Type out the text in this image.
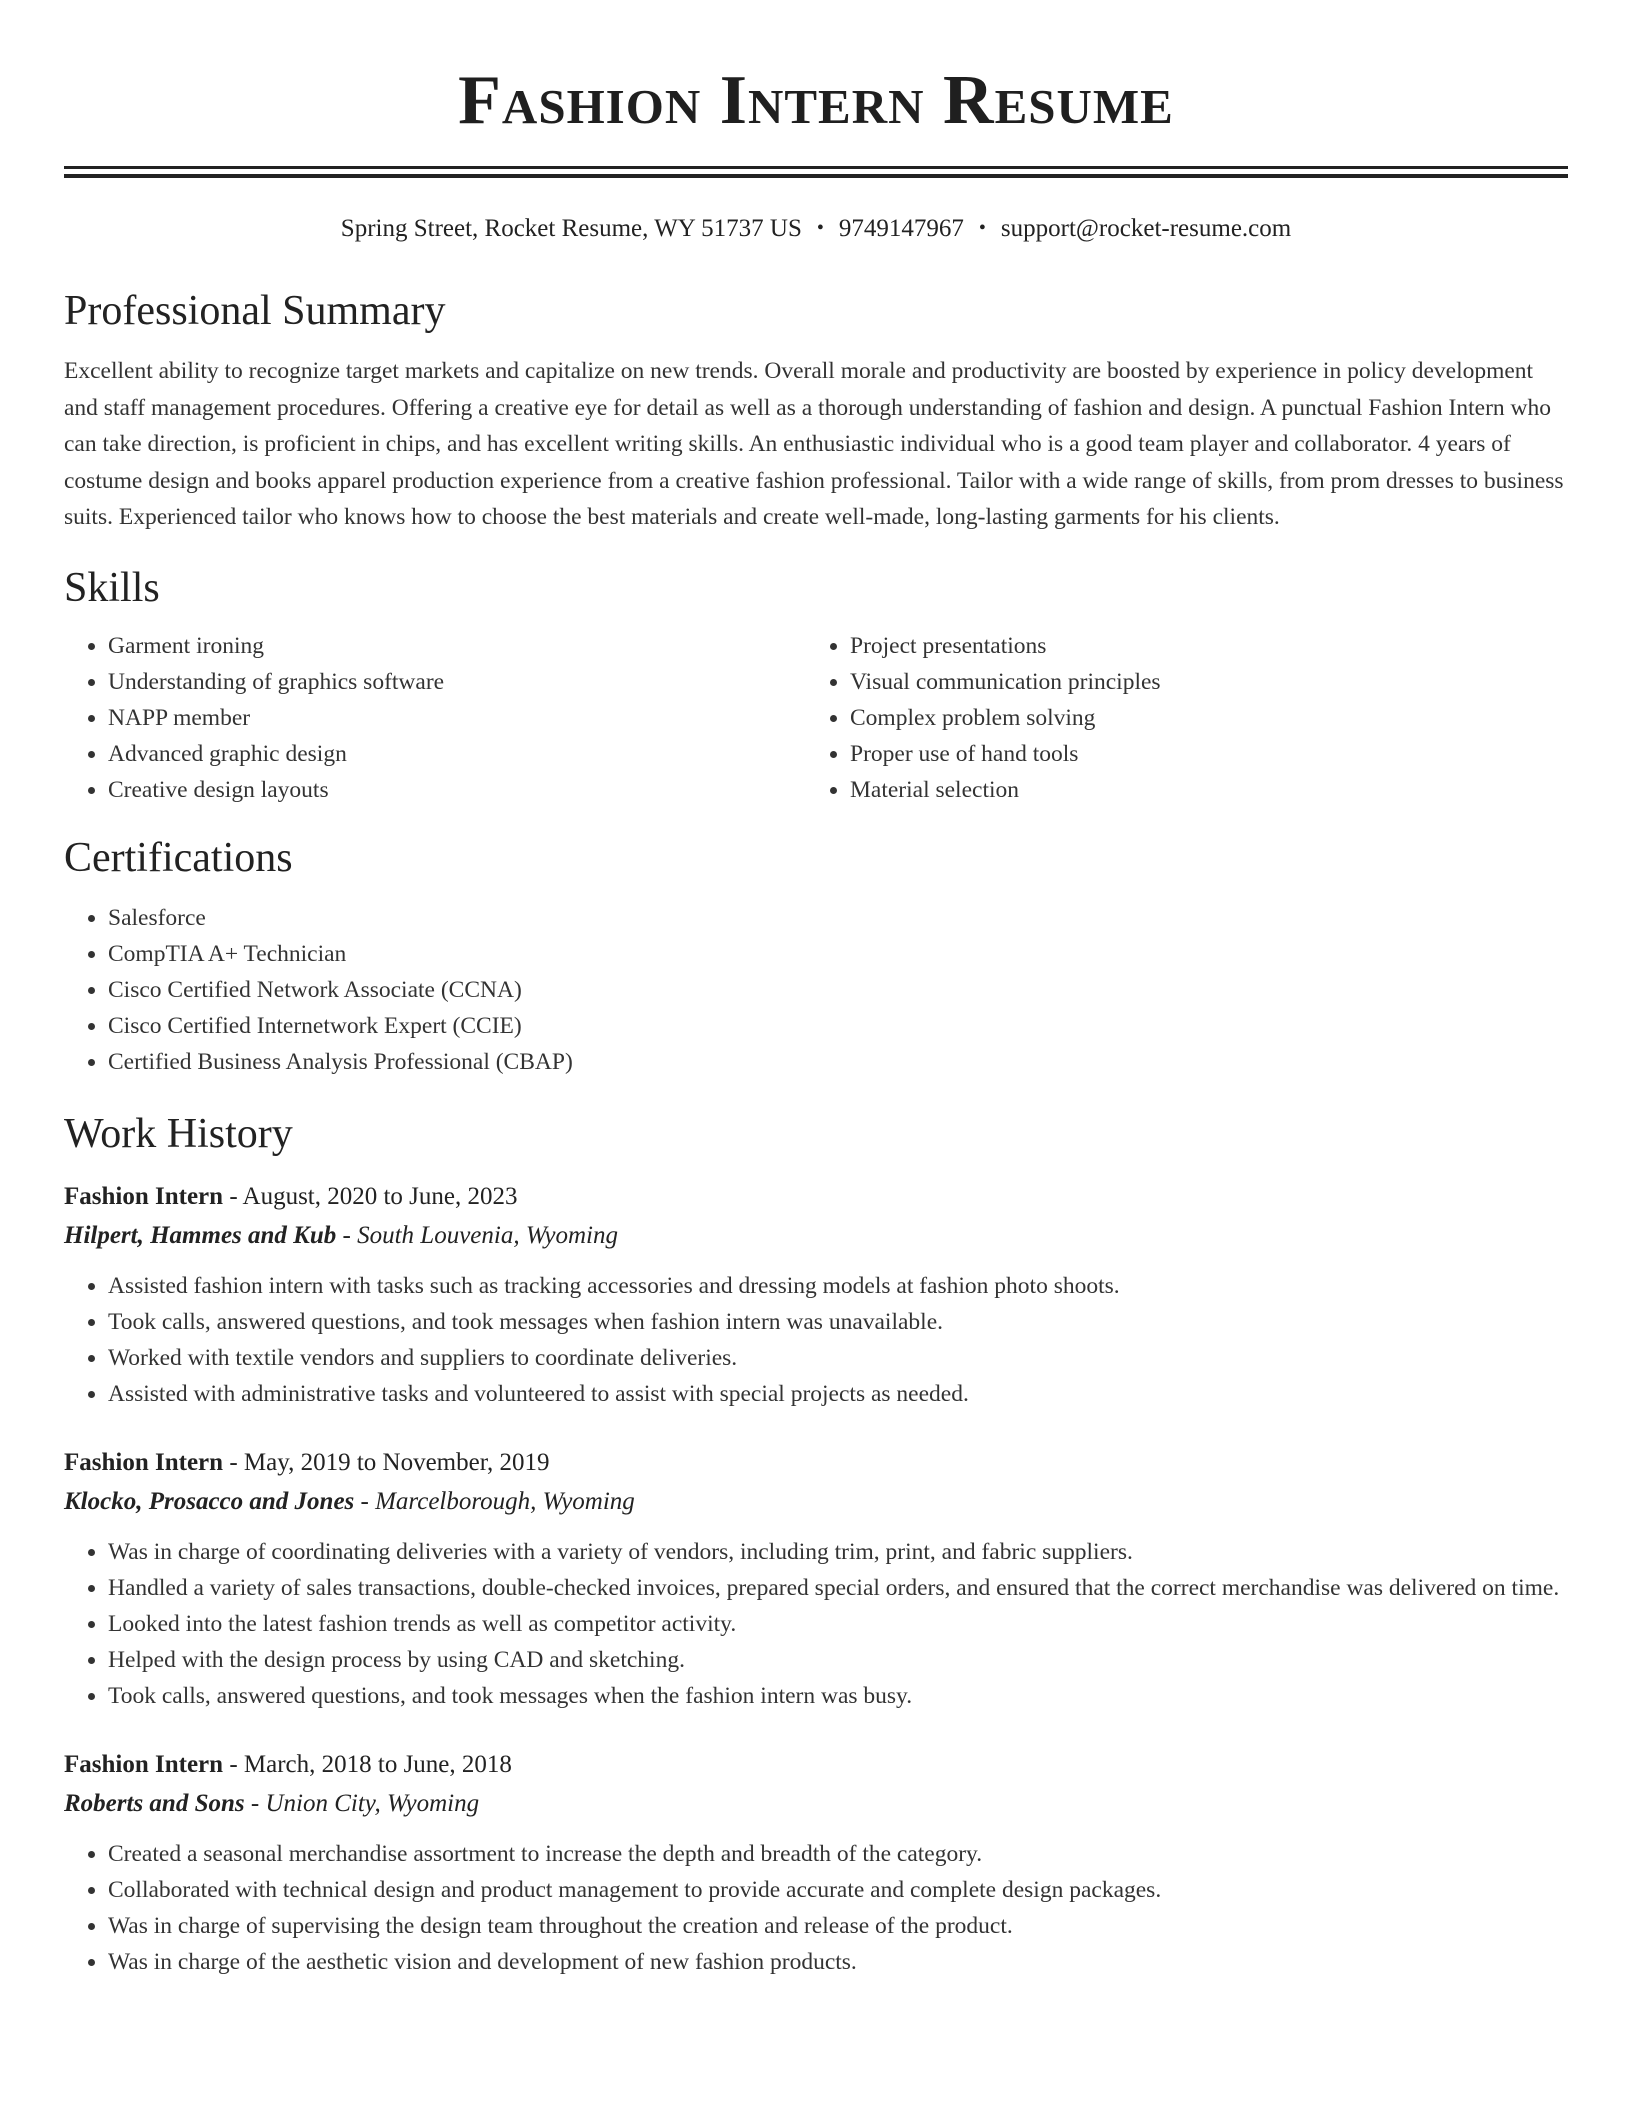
Fashion Intern Resume
Spring Street, Rocket Resume, WY 51737 US • 9749147967 • support@rocket-resume.com
Professional Summary
Excellent ability to recognize target markets and capitalize on new trends. Overall morale and productivity are boosted by experience in policy development and staff management procedures. Offering a creative eye for detail as well as a thorough understanding of fashion and design. A punctual Fashion Intern who can take direction, is proficient in chips, and has excellent writing skills. An enthusiastic individual who is a good team player and collaborator. 4 years of costume design and books apparel production experience from a creative fashion professional. Tailor with a wide range of skills, from prom dresses to business suits. Experienced tailor who knows how to choose the best materials and create well-made, long-lasting garments for his clients.
Skills
• Garment ironing
• Understanding of graphics software
• NAPP member
• Advanced graphic design
• Creative design layouts
• Project presentations
• Visual communication principles
• Complex problem solving
• Proper use of hand tools
• Material selection
Certifications
• Salesforce
• CompTIA A+ Technician
• Cisco Certified Network Associate (CCNA)
• Cisco Certified Internetwork Expert (CCIE)
• Certified Business Analysis Professional (CBAP)
Work History
Fashion Intern - August, 2020 to June, 2023
Hilpert, Hammes and Kub - South Louvenia, Wyoming
• Assisted fashion intern with tasks such as tracking accessories and dressing models at fashion photo shoots.
• Took calls, answered questions, and took messages when fashion intern was unavailable.
• Worked with textile vendors and suppliers to coordinate deliveries.
• Assisted with administrative tasks and volunteered to assist with special projects as needed.
Fashion Intern - May, 2019 to November, 2019
Klocko, Prosacco and Jones - Marcelborough, Wyoming
• Was in charge of coordinating deliveries with a variety of vendors, including trim, print, and fabric suppliers.
• Handled a variety of sales transactions, double-checked invoices, prepared special orders, and ensured that the correct merchandise was delivered on time.
• Looked into the latest fashion trends as well as competitor activity.
• Helped with the design process by using CAD and sketching.
• Took calls, answered questions, and took messages when the fashion intern was busy.
Fashion Intern - March, 2018 to June, 2018
Roberts and Sons - Union City, Wyoming
• Created a seasonal merchandise assortment to increase the depth and breadth of the category.
• Collaborated with technical design and product management to provide accurate and complete design packages.
• Was in charge of supervising the design team throughout the creation and release of the product.
• Was in charge of the aesthetic vision and development of new fashion products.
